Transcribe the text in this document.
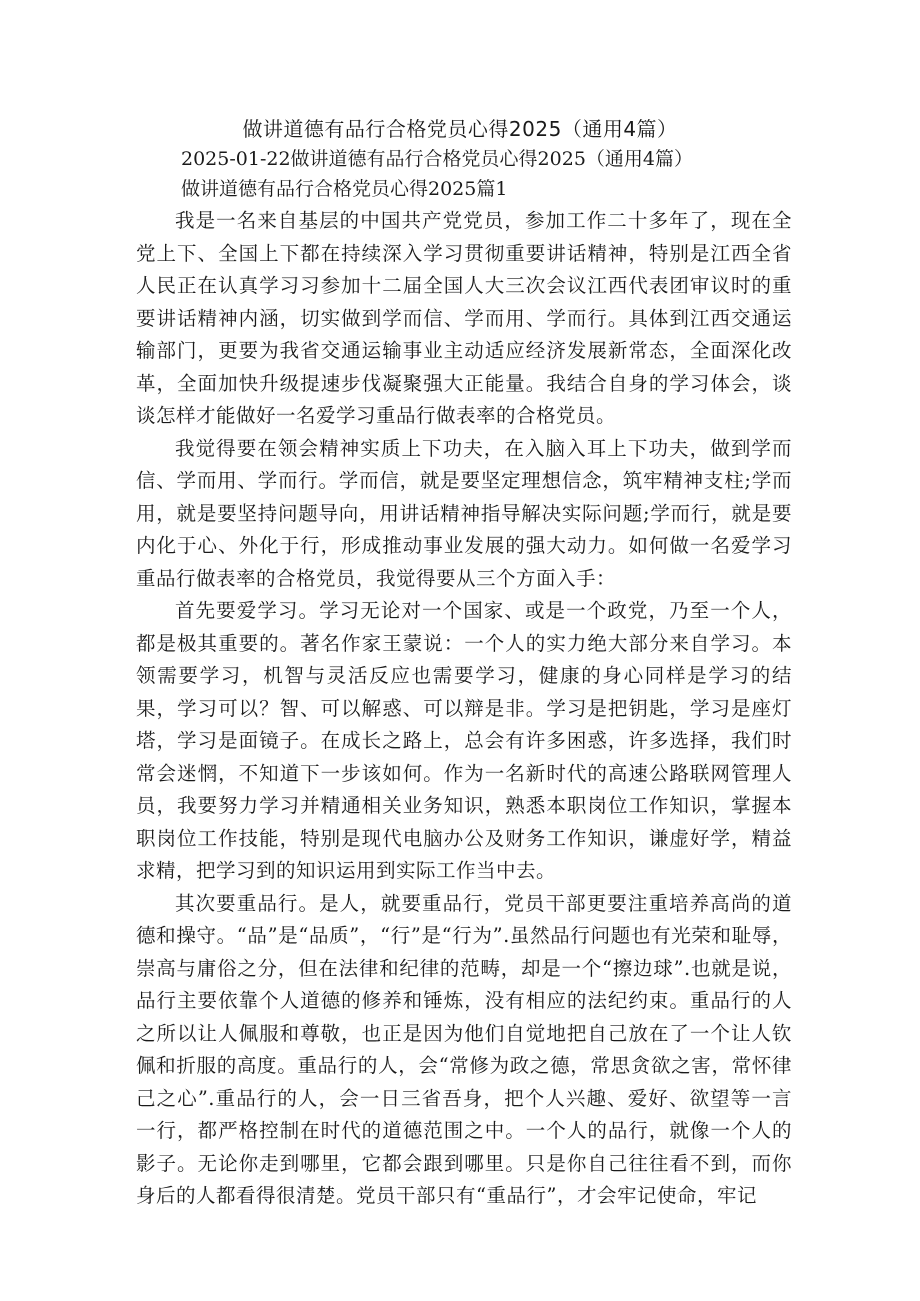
做讲道德有品行合格党员心得2025（通用4篇）
2025-01-22做讲道德有品行合格党员心得2025（通用4篇）
做讲道德有品行合格党员心得2025篇1

我是一名来自基层的中国共产党党员，参加工作二十多年了，现在全党上下、全国上下都在持续深入学习贯彻重要讲话精神，特别是江西全省人民正在认真学习习参加十二届全国人大三次会议江西代表团审议时的重要讲话精神内涵，切实做到学而信、学而用、学而行。具体到江西交通运输部门，更要为我省交通运输事业主动适应经济发展新常态，全面深化改革，全面加快升级提速步伐凝聚强大正能量。我结合自身的学习体会，谈谈怎样才能做好一名爱学习重品行做表率的合格党员。

我觉得要在领会精神实质上下功夫，在入脑入耳上下功夫，做到学而信、学而用、学而行。学而信，就是要坚定理想信念，筑牢精神支柱;学而用，就是要坚持问题导向，用讲话精神指导解决实际问题;学而行，就是要内化于心、外化于行，形成推动事业发展的强大动力。如何做一名爱学习重品行做表率的合格党员，我觉得要从三个方面入手：

首先要爱学习。学习无论对一个国家、或是一个政党，乃至一个人，都是极其重要的。著名作家王蒙说：一个人的实力绝大部分来自学习。本领需要学习，机智与灵活反应也需要学习，健康的身心同样是学习的结果，学习可以？智、可以解惑、可以辩是非。学习是把钥匙，学习是座灯塔，学习是面镜子。在成长之路上，总会有许多困惑，许多选择，我们时常会迷惘，不知道下一步该如何。作为一名新时代的高速公路联网管理人员，我要努力学习并精通相关业务知识，熟悉本职岗位工作知识，掌握本职岗位工作技能，特别是现代电脑办公及财务工作知识，谦虚好学，精益求精，把学习到的知识运用到实际工作当中去。

其次要重品行。是人，就要重品行，党员干部更要注重培养高尚的道德和操守。“品”是“品质”，“行”是“行为”.虽然品行问题也有光荣和耻辱，崇高与庸俗之分，但在法律和纪律的范畴，却是一个“擦边球”.也就是说，品行主要依靠个人道德的修养和锤炼，没有相应的法纪约束。重品行的人之所以让人佩服和尊敬，也正是因为他们自觉地把自己放在了一个让人钦佩和折服的高度。重品行的人，会“常修为政之德，常思贪欲之害，常怀律己之心”.重品行的人，会一日三省吾身，把个人兴趣、爱好、欲望等一言一行，都严格控制在时代的道德范围之中。一个人的品行，就像一个人的影子。无论你走到哪里，它都会跟到哪里。只是你自己往往看不到，而你身后的人都看得很清楚。党员干部只有“重品行”，才会牢记使命，牢记
